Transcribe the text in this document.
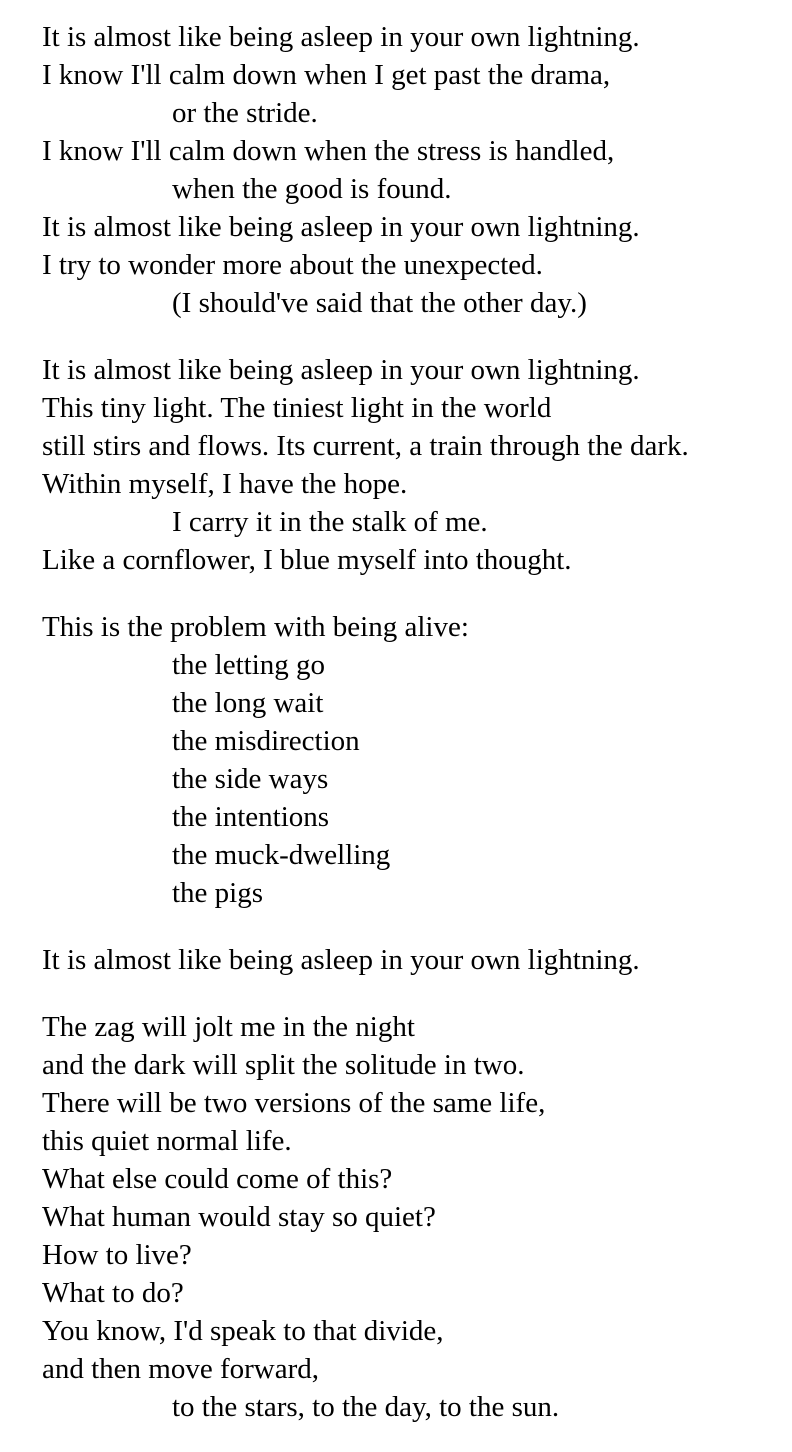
It is almost like being asleep in your own lightning.
I know I'll calm down when I get past the drama,
or the stride.
I know I'll calm down when the stress is handled,
when the good is found.
It is almost like being asleep in your own lightning.
I try to wonder more about the unexpected.
(I should've said that the other day.)
It is almost like being asleep in your own lightning.
This tiny light. The tiniest light in the world
still stirs and flows. Its current, a train through the dark.
Within myself, I have the hope.
I carry it in the stalk of me.
Like a cornflower, I blue myself into thought.
This is the problem with being alive:
the letting go
the long wait
the misdirection
the side ways
the intentions
the muck-dwelling
the pigs
It is almost like being asleep in your own lightning.
The zag will jolt me in the night
and the dark will split the solitude in two.
There will be two versions of the same life,
this quiet normal life.
What else could come of this?
What human would stay so quiet?
How to live?
What to do?
You know, I'd speak to that divide,
and then move forward,
to the stars, to the day, to the sun.
